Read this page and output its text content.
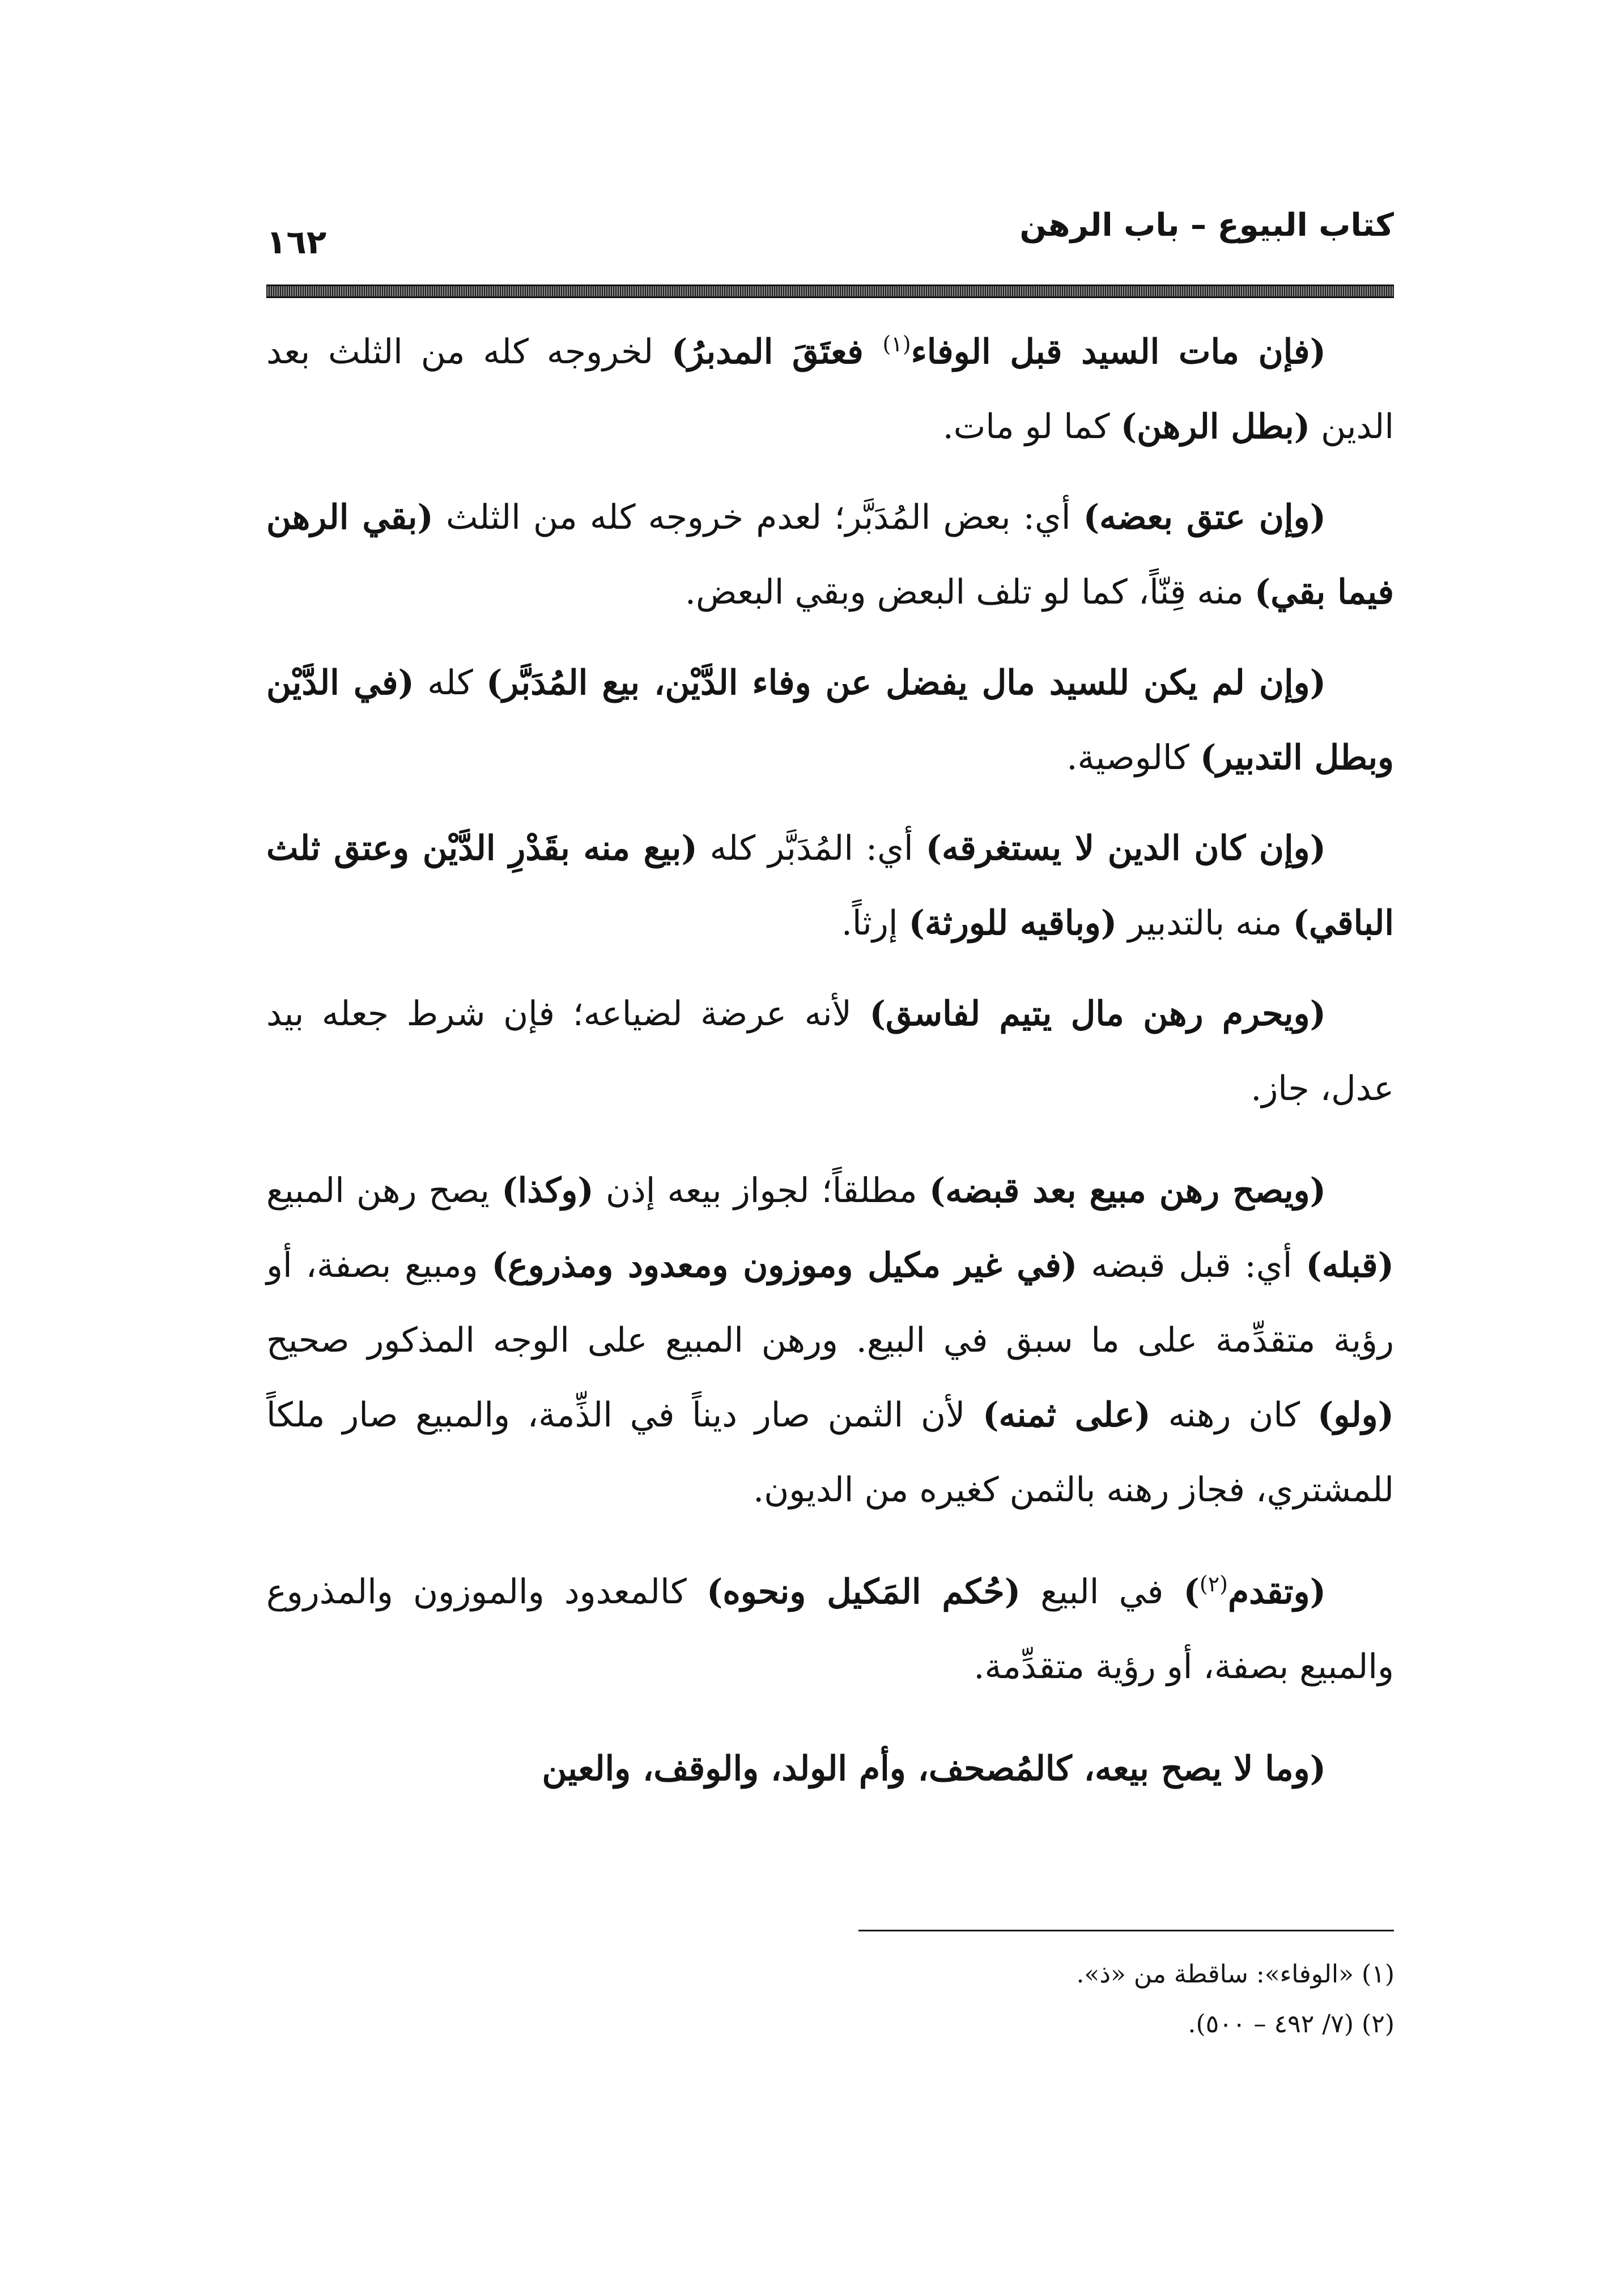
كتاب البيوع – باب الرهن
١٦٢

(فإن مات السيد قبل الوفاء$^{(١)}$ فعتَقَ المدبرُ) لخروجه كله من الثلث بعد الدين (بطل الرهن) كما لو مات.

(وإن عتق بعضه) أي: بعض المُدَبَّر؛ لعدم خروجه كله من الثلث (بقي الرهن فيما بقي) منه قِنّاً، كما لو تلف البعض وبقي البعض.

(وإن لم يكن للسيد مال يفضل عن وفاء الدَّيْن، بيع المُدَبَّر) كله (في الدَّيْن وبطل التدبير) كالوصية.

(وإن كان الدين لا يستغرقه) أي: المُدَبَّر كله (بيع منه بقَدْرِ الدَّيْن وعتق ثلث الباقي) منه بالتدبير (وباقيه للورثة) إرثاً.

(ويحرم رهن مال يتيم لفاسق) لأنه عرضة لضياعه؛ فإن شرط جعله بيد عدل، جاز.

(ويصح رهن مبيع بعد قبضه) مطلقاً؛ لجواز بيعه إذن (وكذا) يصح رهن المبيع (قبله) أي: قبل قبضه (في غير مكيل وموزون ومعدود ومذروع) ومبيع بصفة، أو رؤية متقدِّمة على ما سبق في البيع. ورهن المبيع على الوجه المذكور صحيح (ولو) كان رهنه (على ثمنه) لأن الثمن صار ديناً في الذِّمة، والمبيع صار ملكاً للمشتري، فجاز رهنه بالثمن كغيره من الديون.

(وتقدم$^{(٢)}$) في البيع (حُكم المَكيل ونحوه) كالمعدود والموزون والمذروع والمبيع بصفة، أو رؤية متقدِّمة.

(وما لا يصح بيعه، كالمُصحف، وأم الولد، والوقف، والعين

(١) «الوفاء»: ساقطة من «ذ».
(٢) (٧/ ٤٩٢ – ٥٠٠).
